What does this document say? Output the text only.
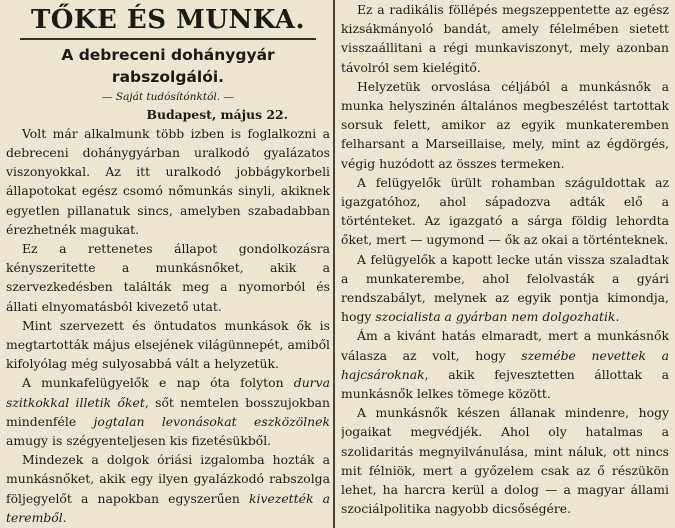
TŐKE ÉS MUNKA.
A debreceni dohánygyár rabszolgálói.
— Saját tudósítónktól. —
Budapest, május 22.

Volt már alkalmunk több izben is foglalkozni a debreceni dohánygyárban uralkodó gyalázatos viszonyokkal. Az itt uralkodó jobbágykorbeli állapotokat egész csomó nőmunkás sinyli, akiknek egyetlen pillanatuk sincs, amelyben szabadabban érezhetnék magukat.

Ez a rettenetes állapot gondolkozásra kényszeritette a munkásnőket, akik a szervezkedésben találták meg a nyomorból és állati elnyomatásból kivezető utat.

Mint szervezett és öntudatos munkások ők is megtartották május elsejének világünnepét, amiből kifolyólag még sulyosabbá vált a helyzetük.

A munkafelügyelők e nap óta folyton durva szitkokkal illetik őket, sőt nemtelen bosszujokban mindenféle jogtalan levonásokat eszközölnek amugy is szégyenteljesen kis fizetésükből.

Mindezek a dolgok óriási izgalomba hozták a munkásnőket, akik egy ilyen gyalázkodó rabszolga följegyelőt a napokban egyszerűen kivezették a teremből.

Ez a radikális föllépés megszeppentette az egész kizsákmányoló bandát, amely félelmében sietett visszaállitani a régi munkaviszonyt, mely azonban távolról sem kielégitő.

Helyzetük orvoslása céljából a munkásnők a munka helyszinén általános megbeszélést tartottak sorsuk felett, amikor az egyik munkateremben felharsant a Marseillaise, mely, mint az égdörgés, végig huzódott az összes termeken.

A felügyelők ürült rohamban száguldottak az igazgatóhoz, ahol sápadozva adták elő a történteket. Az igazgató a sárga földig lehordta őket, mert — ugymond — ők az okai a történteknek.

A felügyelők a kapott lecke után vissza szaladtak a munkaterembe, ahol felolvasták a gyári rendszabályt, melynek az egyik pontja kimondja, hogy szocialista a gyárban nem dolgozhatik.

Ám a kivánt hatás elmaradt, mert a munkásnők válasza az volt, hogy szemébe nevettek a hajcsároknak, akik fejvesztetten állottak a munkásnők lelkes tömege között.

A munkásnők készen állanak mindenre, hogy jogaikat megvédjék. Ahol oly hatalmas a szolidaritás megnyilvánulása, mint náluk, ott nincs mit félniök, mert a győzelem csak az ő részükön lehet, ha harcra kerül a dolog — a magyar állami szociálpolitika nagyobb dicsőségére.
